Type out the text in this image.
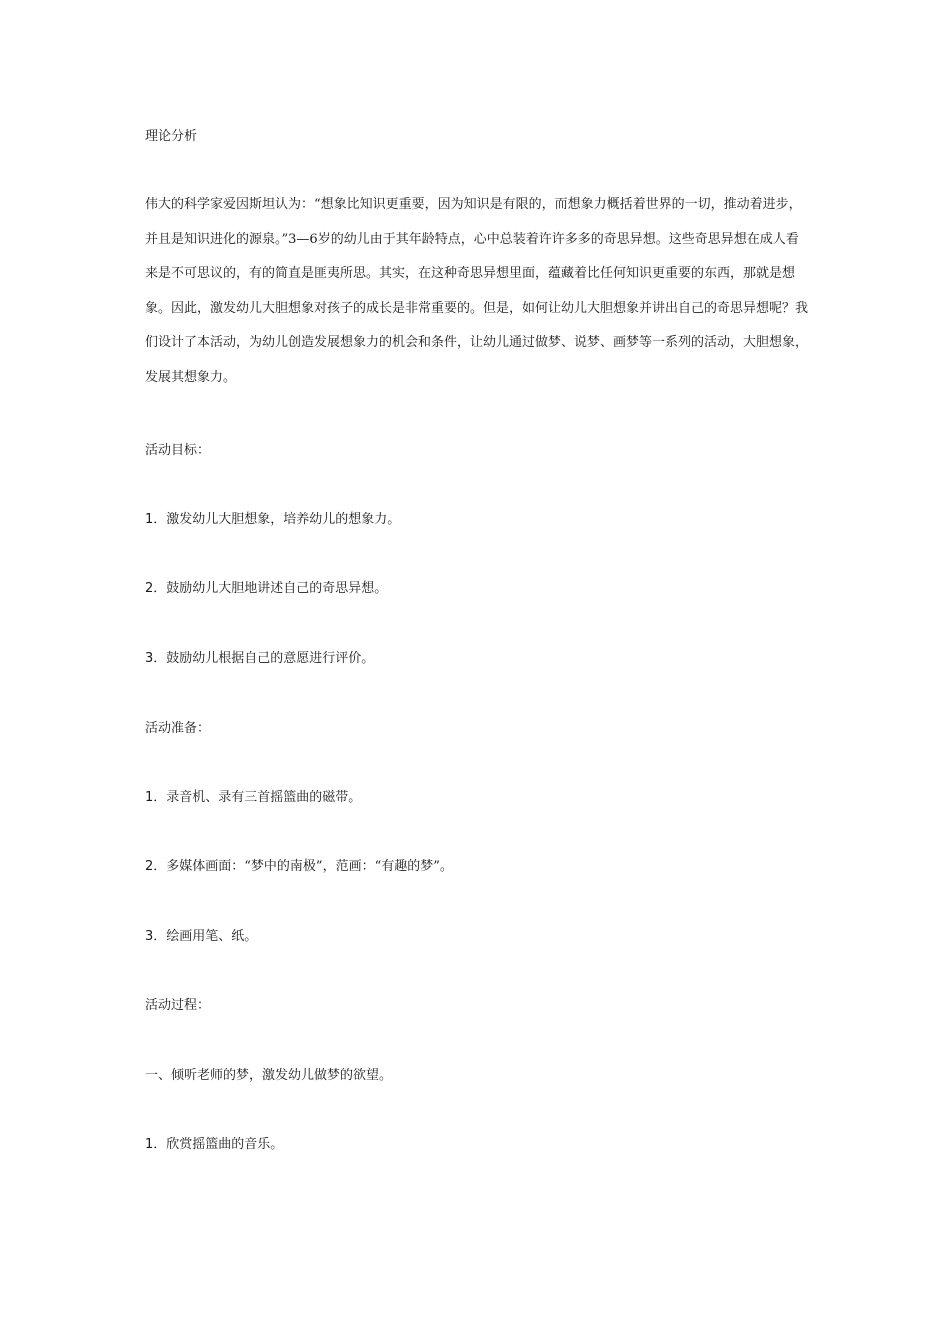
理论分析
伟大的科学家爱因斯坦认为：“想象比知识更重要，因为知识是有限的，而想象力概括着世界的一切，推动着进步，并且是知识进化的源泉。”3—6岁的幼儿由于其年龄特点，心中总装着许许多多的奇思异想。这些奇思异想在成人看来是不可思议的，有的简直是匪夷所思。其实，在这种奇思异想里面，蕴藏着比任何知识更重要的东西，那就是想象。因此，激发幼儿大胆想象对孩子的成长是非常重要的。但是，如何让幼儿大胆想象并讲出自己的奇思异想呢？我们设计了本活动，为幼儿创造发展想象力的机会和条件，让幼儿通过做梦、说梦、画梦等一系列的活动，大胆想象，发展其想象力。
活动目标：
1．激发幼儿大胆想象，培养幼儿的想象力。
2．鼓励幼儿大胆地讲述自己的奇思异想。
3．鼓励幼儿根据自己的意愿进行评价。
活动准备：
1．录音机、录有三首摇篮曲的磁带。
2．多媒体画面：“梦中的南极”，范画：“有趣的梦”。
3．绘画用笔、纸。
活动过程：
一、倾听老师的梦，激发幼儿做梦的欲望。
1．欣赏摇篮曲的音乐。
